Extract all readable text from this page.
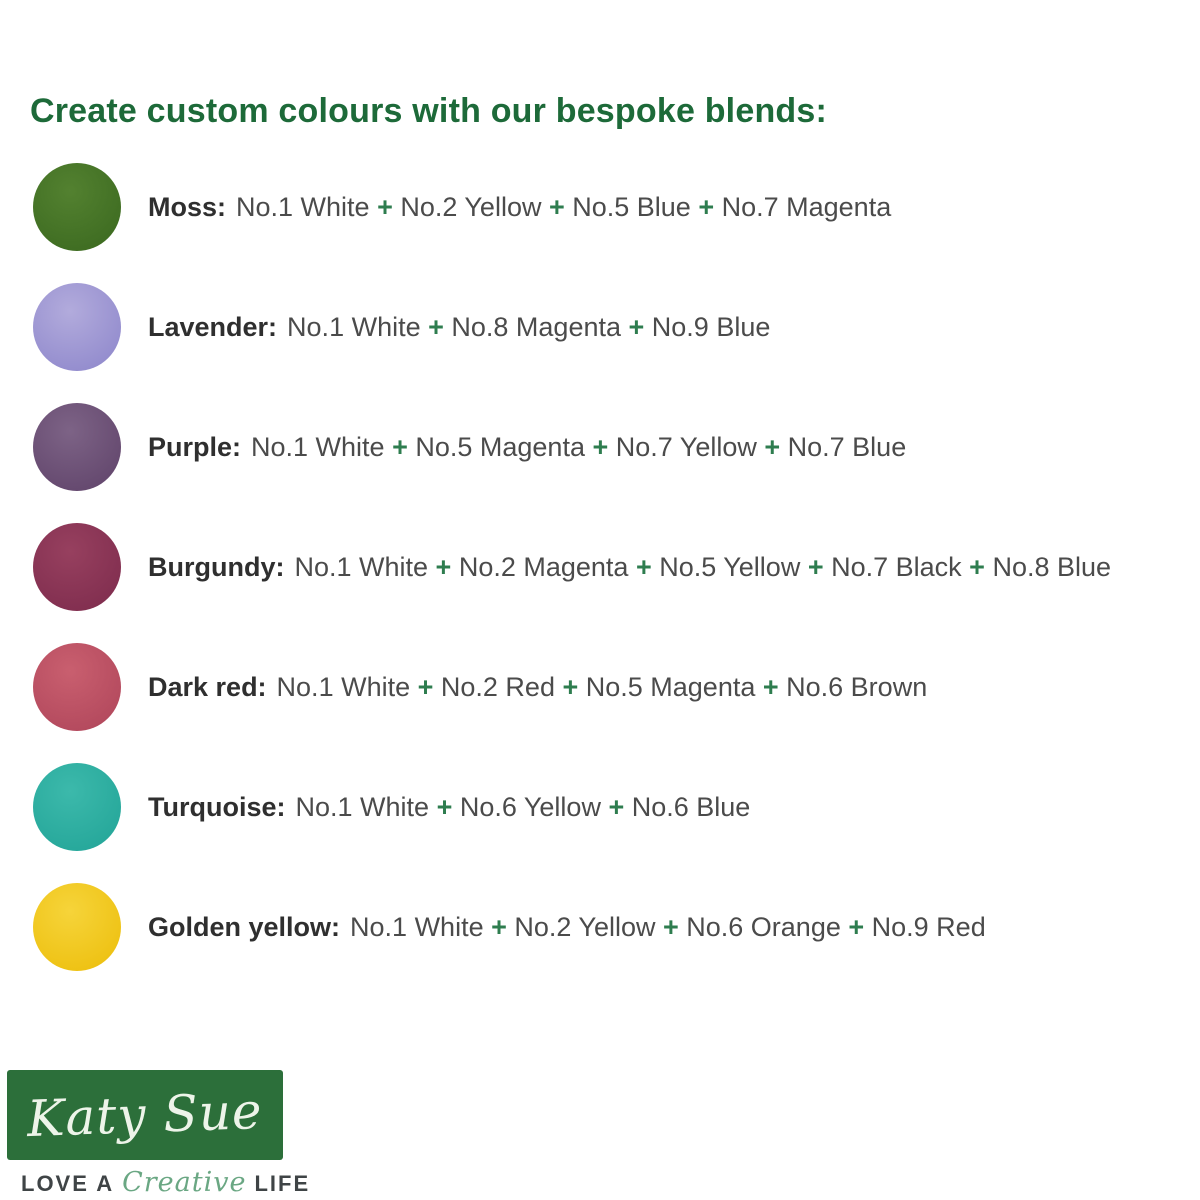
Create custom colours with our bespoke blends:
Moss: No.1 White + No.2 Yellow + No.5 Blue + No.7 Magenta
Lavender: No.1 White + No.8 Magenta + No.9 Blue
Purple: No.1 White + No.5 Magenta + No.7 Yellow + No.7 Blue
Burgundy: No.1 White + No.2 Magenta + No.5 Yellow + No.7 Black + No.8 Blue
Dark red: No.1 White + No.2 Red + No.5 Magenta + No.6 Brown
Turquoise: No.1 White + No.6 Yellow + No.6 Blue
Golden yellow: No.1 White + No.2 Yellow + No.6 Orange + No.9 Red
Katy Sue
LOVE A Creative LIFE
